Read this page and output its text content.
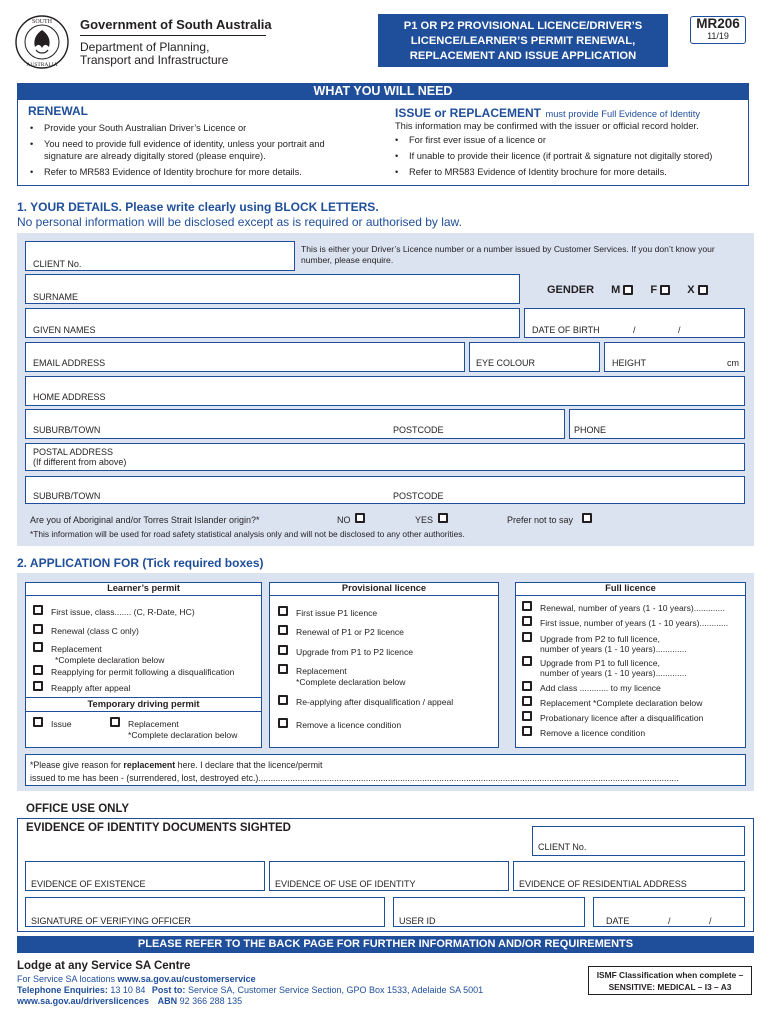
SOUTH
AUSTRALIA
Government of South Australia
Department of Planning,
Transport and Infrastructure
P1 OR P2 PROVISIONAL LICENCE/DRIVER’S
LICENCE/LEARNER’S PERMIT RENEWAL,
REPLACEMENT AND ISSUE APPLICATION
MR206
11/19
WHAT YOU WILL NEED
RENEWAL
• Provide your South Australian Driver’s Licence or
• You need to provide full evidence of identity, unless your portrait and
signature are already digitally stored (please enquire).
• Refer to MR583 Evidence of Identity brochure for more details.
ISSUE or REPLACEMENT must provide Full Evidence of Identity
This information may be confirmed with the issuer or official record holder.
• For first ever issue of a licence or
• If unable to provide their licence (if portrait & signature not digitally stored)
• Refer to MR583 Evidence of Identity brochure for more details.
1. YOUR DETAILS. Please write clearly using BLOCK LETTERS.
No personal information will be disclosed except as is required or authorised by law.
CLIENT No.
This is either your Driver’s Licence number or a number issued by Customer Services. If you don’t know your
number, please enquire.
SURNAME
GENDER M	F	X
GIVEN NAMES	DATE OF BIRTH	/	/
EMAIL ADDRESS	EYE COLOUR	HEIGHT	cm
HOME ADDRESS
SUBURB/TOWN	POSTCODE	PHONE
POSTAL ADDRESS
(If different from above)
SUBURB/TOWN	POSTCODE
Are you of Aboriginal and/or Torres Strait Islander origin?*	NO	YES	Prefer not to say
*This information will be used for road safety statistical analysis only and will not be disclosed to any other authorities.
2. APPLICATION FOR (Tick required boxes)
Learner’s permit
First issue, class....... (C, R-Date, HC)
Renewal (class C only)
Replacement
*Complete declaration below
Reapplying for permit following a disqualification
Reapply after appeal
Temporary driving permit
Issue	Replacement
*Complete declaration below
Provisional licence
First issue P1 licence
Renewal of P1 or P2 licence
Upgrade from P1 to P2 licence
Replacement
*Complete declaration below
Re-applying after disqualification / appeal
Remove a licence condition
Full licence
Renewal, number of years (1 - 10 years).............
First issue, number of years (1 - 10 years)............
Upgrade from P2 to full licence,
number of years (1 - 10 years).............
Upgrade from P1 to full licence,
number of years (1 - 10 years).............
Add class ............ to my licence
Replacement *Complete declaration below
Probationary licence after a disqualification
Remove a licence condition
*Please give reason for replacement here. I declare that the licence/permit
issued to me has been - (surrendered, lost, destroyed etc.)............................................................................................................................................................................
OFFICE USE ONLY
EVIDENCE OF IDENTITY DOCUMENTS SIGHTED
CLIENT No.
EVIDENCE OF EXISTENCE	EVIDENCE OF USE OF IDENTITY	EVIDENCE OF RESIDENTIAL ADDRESS
SIGNATURE OF VERIFYING OFFICER	USER ID	DATE	/	/
PLEASE REFER TO THE BACK PAGE FOR FURTHER INFORMATION AND/OR REQUIREMENTS
Lodge at any Service SA Centre
For Service SA locations www.sa.gov.au/customerservice
Telephone Enquiries: 13 10 84 Post to: Service SA, Customer Service Section, GPO Box 1533, Adelaide SA 5001
www.sa.gov.au/driverslicences ABN 92 366 288 135
ISMF Classification when complete –
SENSITIVE: MEDICAL – I3 – A3
